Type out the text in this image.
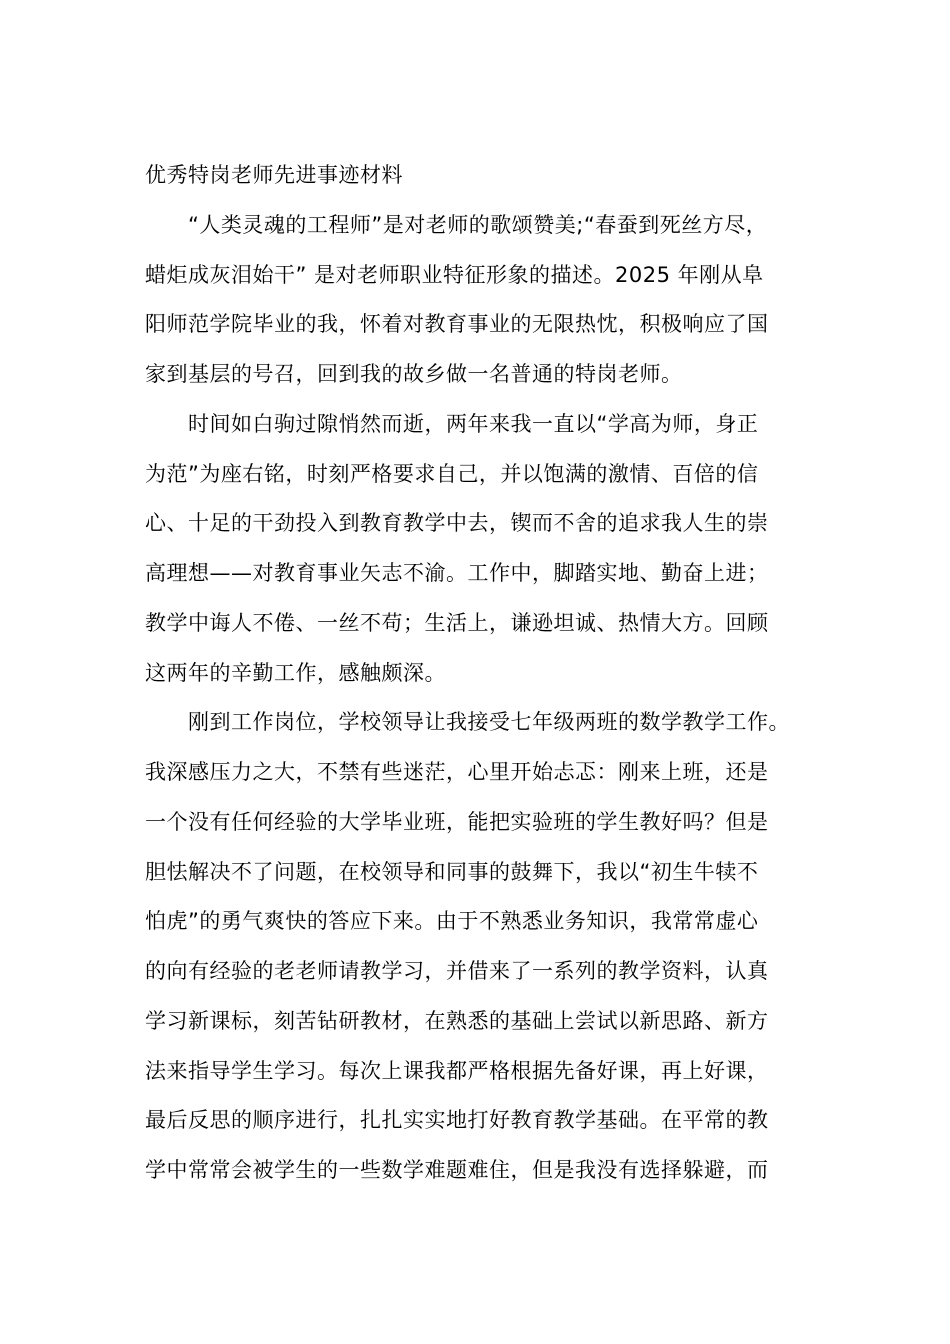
优秀特岗老师先进事迹材料
“人类灵魂的工程师”是对老师的歌颂赞美;“春蚕到死丝方尽，
蜡炬成灰泪始干” 是对老师职业特征形象的描述。2025 年刚从阜
阳师范学院毕业的我，怀着对教育事业的无限热忱，积极响应了国
家到基层的号召，回到我的故乡做一名普通的特岗老师。
时间如白驹过隙悄然而逝，两年来我一直以“学高为师，身正
为范”为座右铭，时刻严格要求自己，并以饱满的激情、百倍的信
心、十足的干劲投入到教育教学中去，锲而不舍的追求我人生的崇
高理想——对教育事业矢志不渝。工作中，脚踏实地、勤奋上进；
教学中诲人不倦、一丝不苟；生活上，谦逊坦诚、热情大方。回顾
这两年的辛勤工作，感触颇深。
刚到工作岗位，学校领导让我接受七年级两班的数学教学工作。
我深感压力之大，不禁有些迷茫，心里开始忐忑：刚来上班，还是
一个没有任何经验的大学毕业班，能把实验班的学生教好吗？但是
胆怯解决不了问题，在校领导和同事的鼓舞下，我以“初生牛犊不
怕虎”的勇气爽快的答应下来。由于不熟悉业务知识，我常常虚心
的向有经验的老老师请教学习，并借来了一系列的教学资料，认真
学习新课标，刻苦钻研教材，在熟悉的基础上尝试以新思路、新方
法来指导学生学习。每次上课我都严格根据先备好课，再上好课，
最后反思的顺序进行，扎扎实实地打好教育教学基础。在平常的教
学中常常会被学生的一些数学难题难住，但是我没有选择躲避，而
